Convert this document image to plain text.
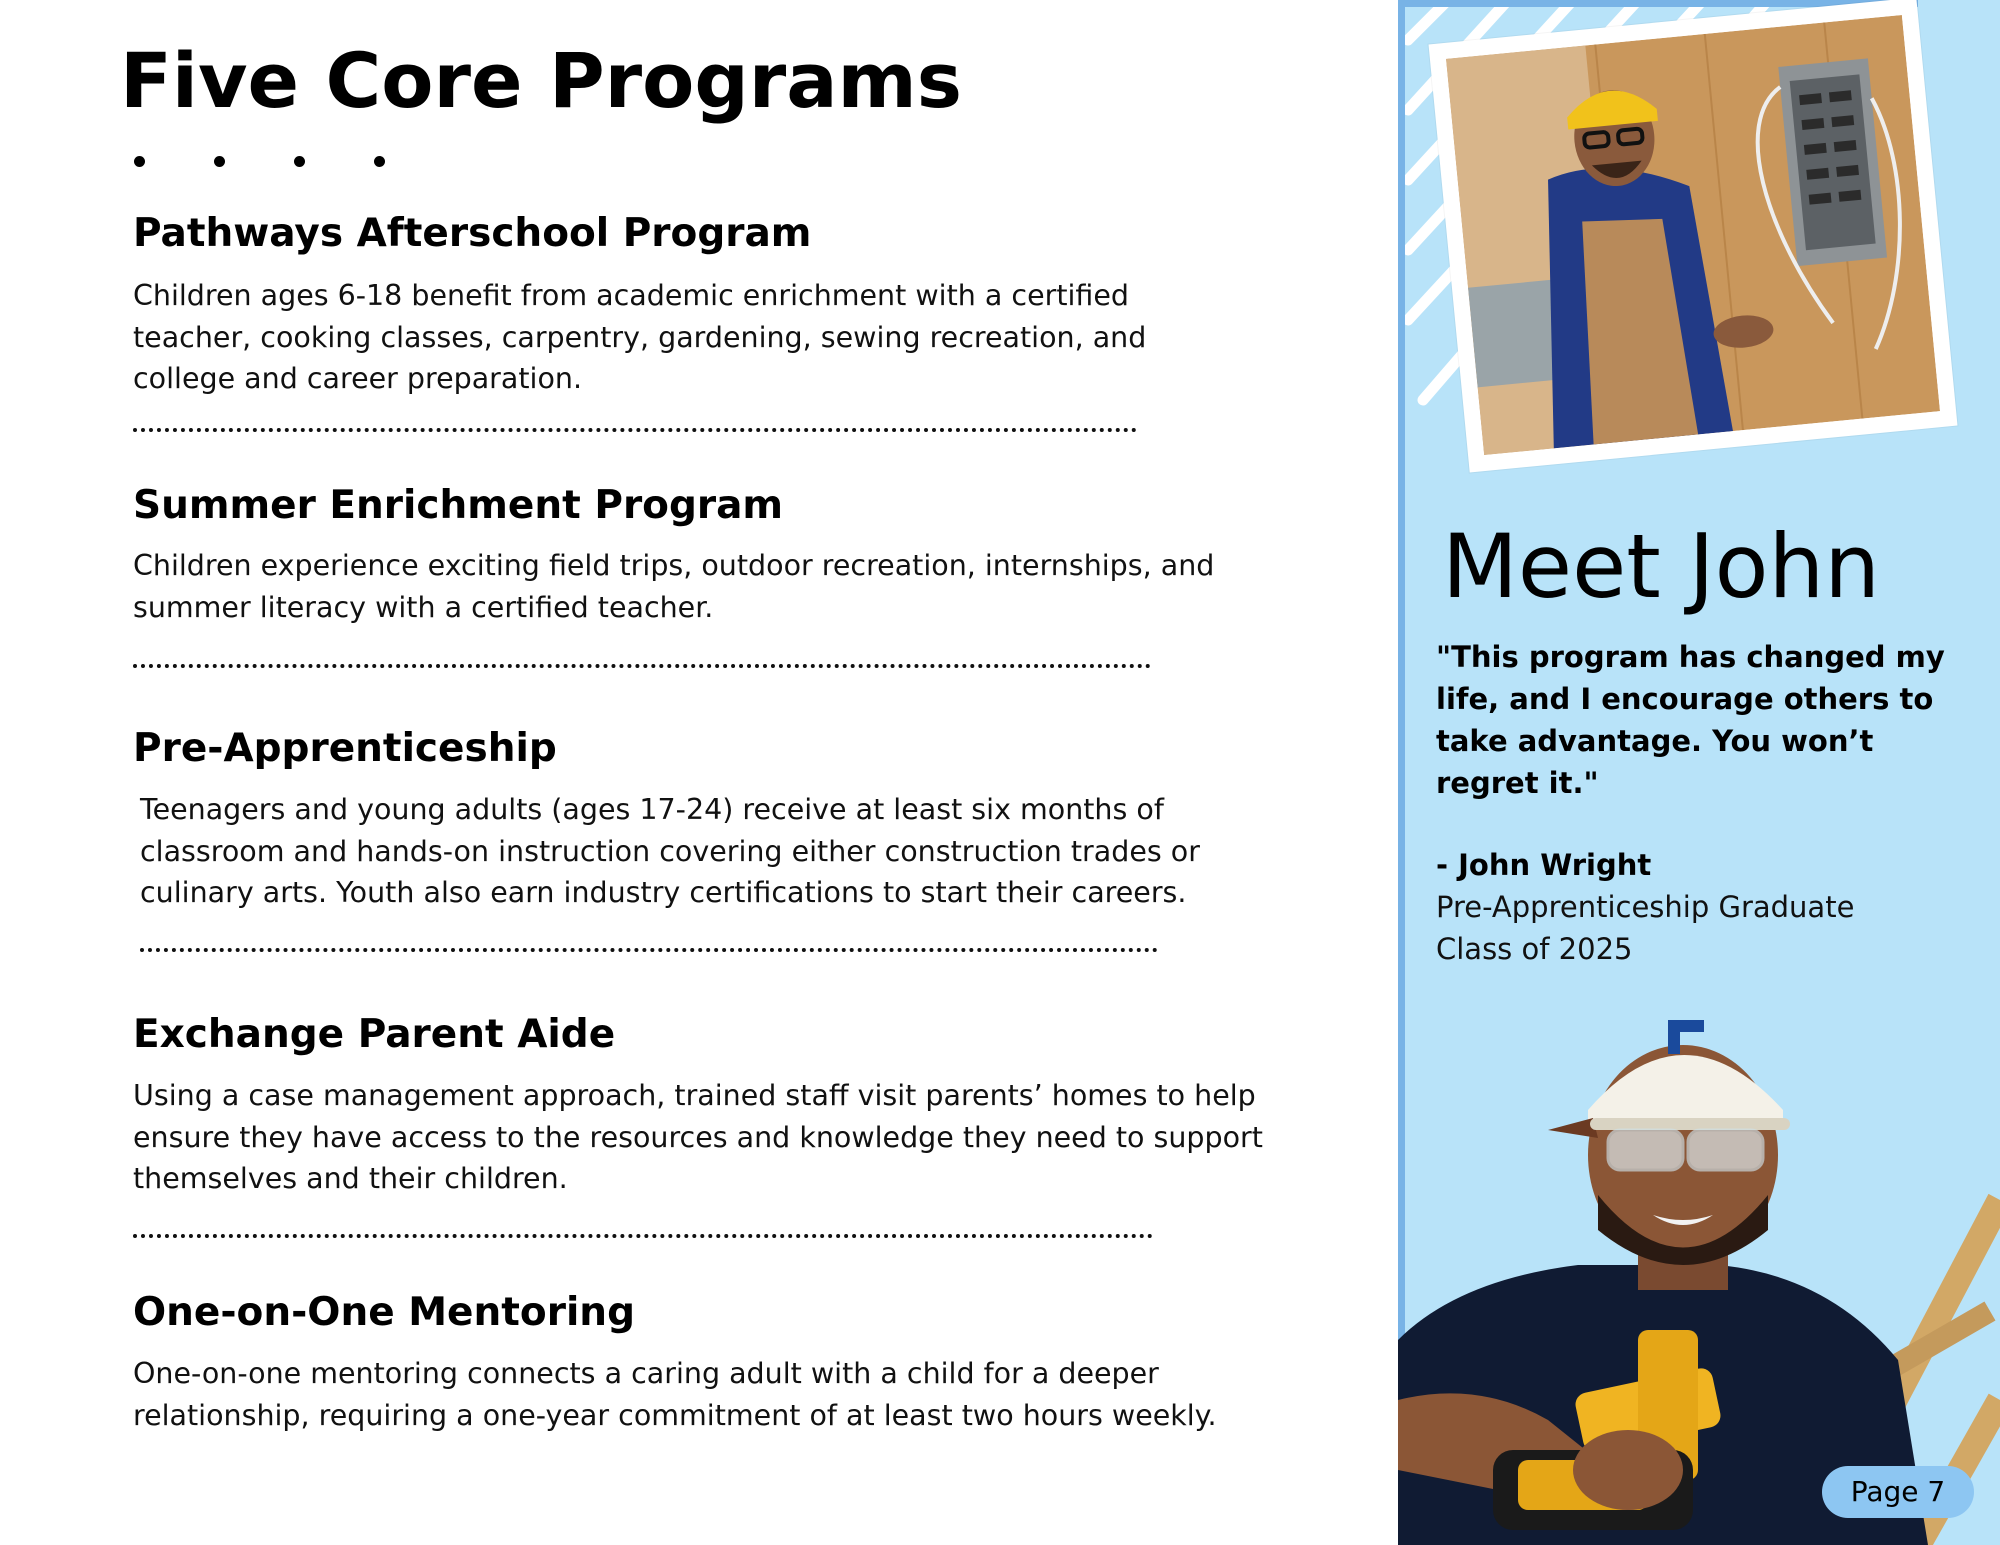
Five Core Programs
Pathways Afterschool Program

Children ages 6-18 benefit from academic enrichment with a certified teacher, cooking classes, carpentry, gardening, sewing recreation, and college and career preparation.

Summer Enrichment Program

Children experience exciting field trips, outdoor recreation, internships, and summer literacy with a certified teacher.

Pre-Apprenticeship

Teenagers and young adults (ages 17-24) receive at least six months of classroom and hands-on instruction covering either construction trades or culinary arts. Youth also earn industry certifications to start their careers.

Exchange Parent Aide

Using a case management approach, trained staff visit parents’ homes to help ensure they have access to the resources and knowledge they need to support themselves and their children.

One-on-One Mentoring

One-on-one mentoring connects a caring adult with a child for a deeper relationship, requiring a one-year commitment of at least two hours weekly.

Meet John

"This program has changed my life, and I encourage others to take advantage. You won’t regret it."

- John Wright

Pre-Apprenticeship Graduate
Class of 2025

Page 7
